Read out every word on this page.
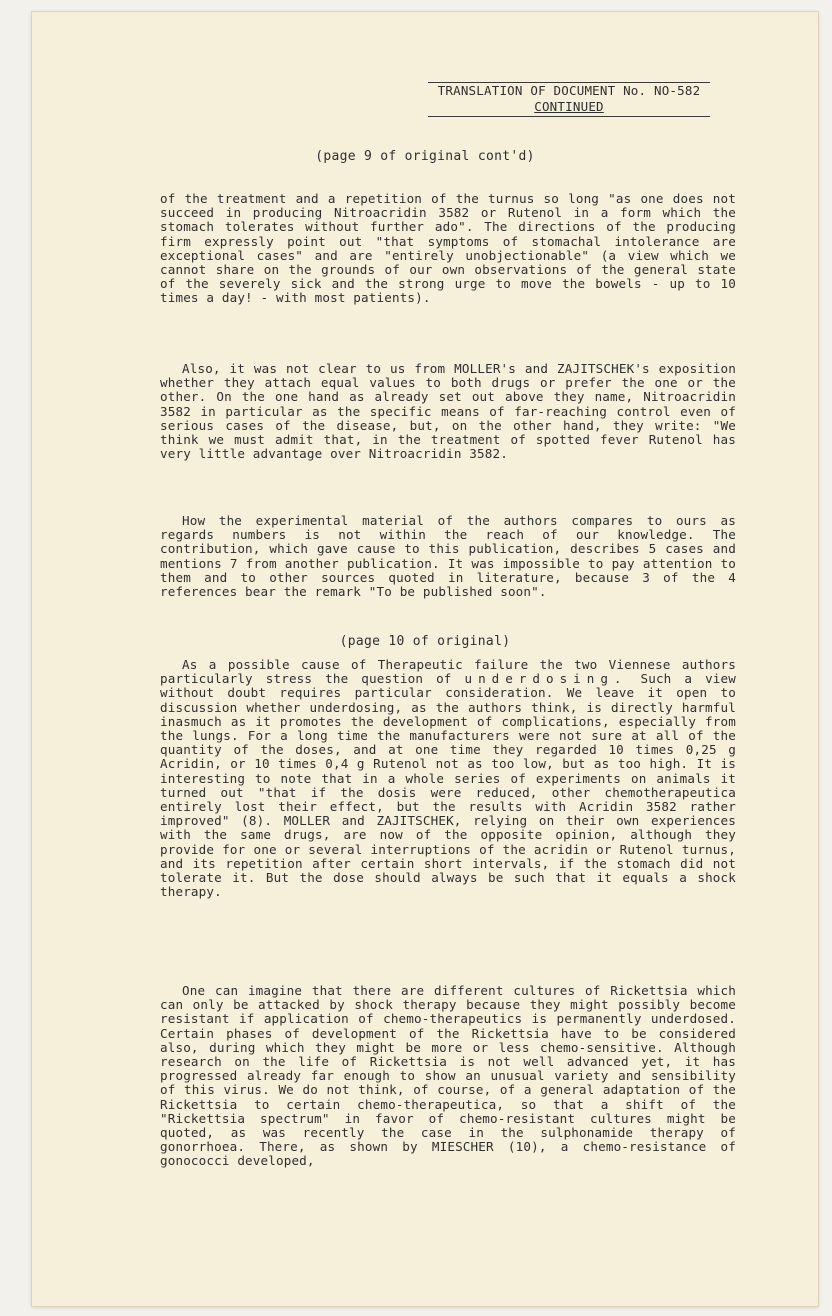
TRANSLATION OF DOCUMENT No. NO-582
CONTINUED
(page 9 of original cont'd)
of the treatment and a repetition of the turnus so long "as one does not succeed in producing Nitroacridin 3582 or Rutenol in a form which the stomach tolerates without further ado". The directions of the producing firm expressly point out "that symptoms of stomachal intolerance are exceptional cases" and are "entirely unobjectionable" (a view which we cannot share on the grounds of our own observations of the general state of the severely sick and the strong urge to move the bowels - up to 10 times a day! - with most patients).
Also, it was not clear to us from MOLLER's and ZAJITSCHEK's exposition whether they attach equal values to both drugs or prefer the one or the other. On the one hand as already set out above they name, Nitroacridin 3582 in particular as the specific means of far-reaching control even of serious cases of the disease, but, on the other hand, they write: "We think we must admit that, in the treatment of spotted fever Rutenol has very little advantage over Nitroacridin 3582.
How the experimental material of the authors compares to ours as regards numbers is not within the reach of our knowledge. The contribution, which gave cause to this publication, describes 5 cases and mentions 7 from another publication. It was impossible to pay attention to them and to other sources quoted in literature, because 3 of the 4 references bear the remark "To be published soon".
(page 10 of original)
As a possible cause of Therapeutic failure the two Viennese authors particularly stress the question of underdosing. Such a view without doubt requires particular consideration. We leave it open to discussion whether underdosing, as the authors think, is directly harmful inasmuch as it promotes the development of complications, especially from the lungs. For a long time the manufacturers were not sure at all of the quantity of the doses, and at one time they regarded 10 times 0,25 g Acridin, or 10 times 0,4 g Rutenol not as too low, but as too high. It is interesting to note that in a whole series of experiments on animals it turned out "that if the dosis were reduced, other chemotherapeutica entirely lost their effect, but the results with Acridin 3582 rather improved" (8). MOLLER and ZAJITSCHEK, relying on their own experiences with the same drugs, are now of the opposite opinion, although they provide for one or several interruptions of the acridin or Rutenol turnus, and its repetition after certain short intervals, if the stomach did not tolerate it. But the dose should always be such that it equals a shock therapy.
One can imagine that there are different cultures of Rickettsia which can only be attacked by shock therapy because they might possibly become resistant if application of chemo-therapeutics is permanently underdosed. Certain phases of development of the Rickettsia have to be considered also, during which they might be more or less chemo-sensitive. Although research on the life of Rickettsia is not well advanced yet, it has progressed already far enough to show an unusual variety and sensibility of this virus. We do not think, of course, of a general adaptation of the Rickettsia to certain chemo-therapeutica, so that a shift of the "Rickettsia spectrum" in favor of chemo-resistant cultures might be quoted, as was recently the case in the sulphonamide therapy of gonorrhoea. There, as shown by MIESCHER (10), a chemo-resistance of gonococci developed,
